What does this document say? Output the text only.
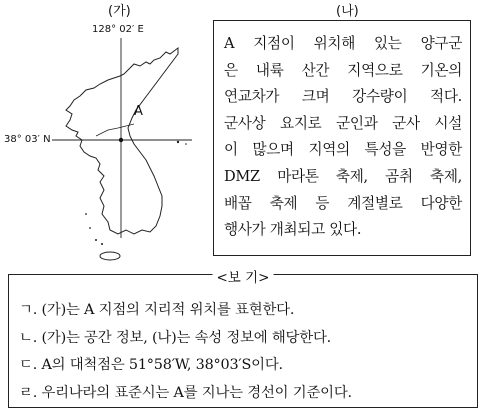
(가)	(나)
128° 02′ E
38° 03′ N
A
A 지점이 위치해 있는 양구군
은 내륙 산간 지역으로 기온의
연교차가 크며 강수량이 적다.
군사상 요지로 군인과 군사 시설
이 많으며 지역의 특성을 반영한
DMZ 마라톤 축제, 곰취 축제,
배꼽 축제 등 계절별로 다양한
행사가 개최되고 있다.
<보 기>
ㄱ. (가)는 A 지점의 지리적 위치를 표현한다.
ㄴ. (가)는 공간 정보, (나)는 속성 정보에 해당한다.
ㄷ. A의 대척점은 51°58′W, 38°03′S이다.
ㄹ. 우리나라의 표준시는 A를 지나는 경선이 기준이다.
